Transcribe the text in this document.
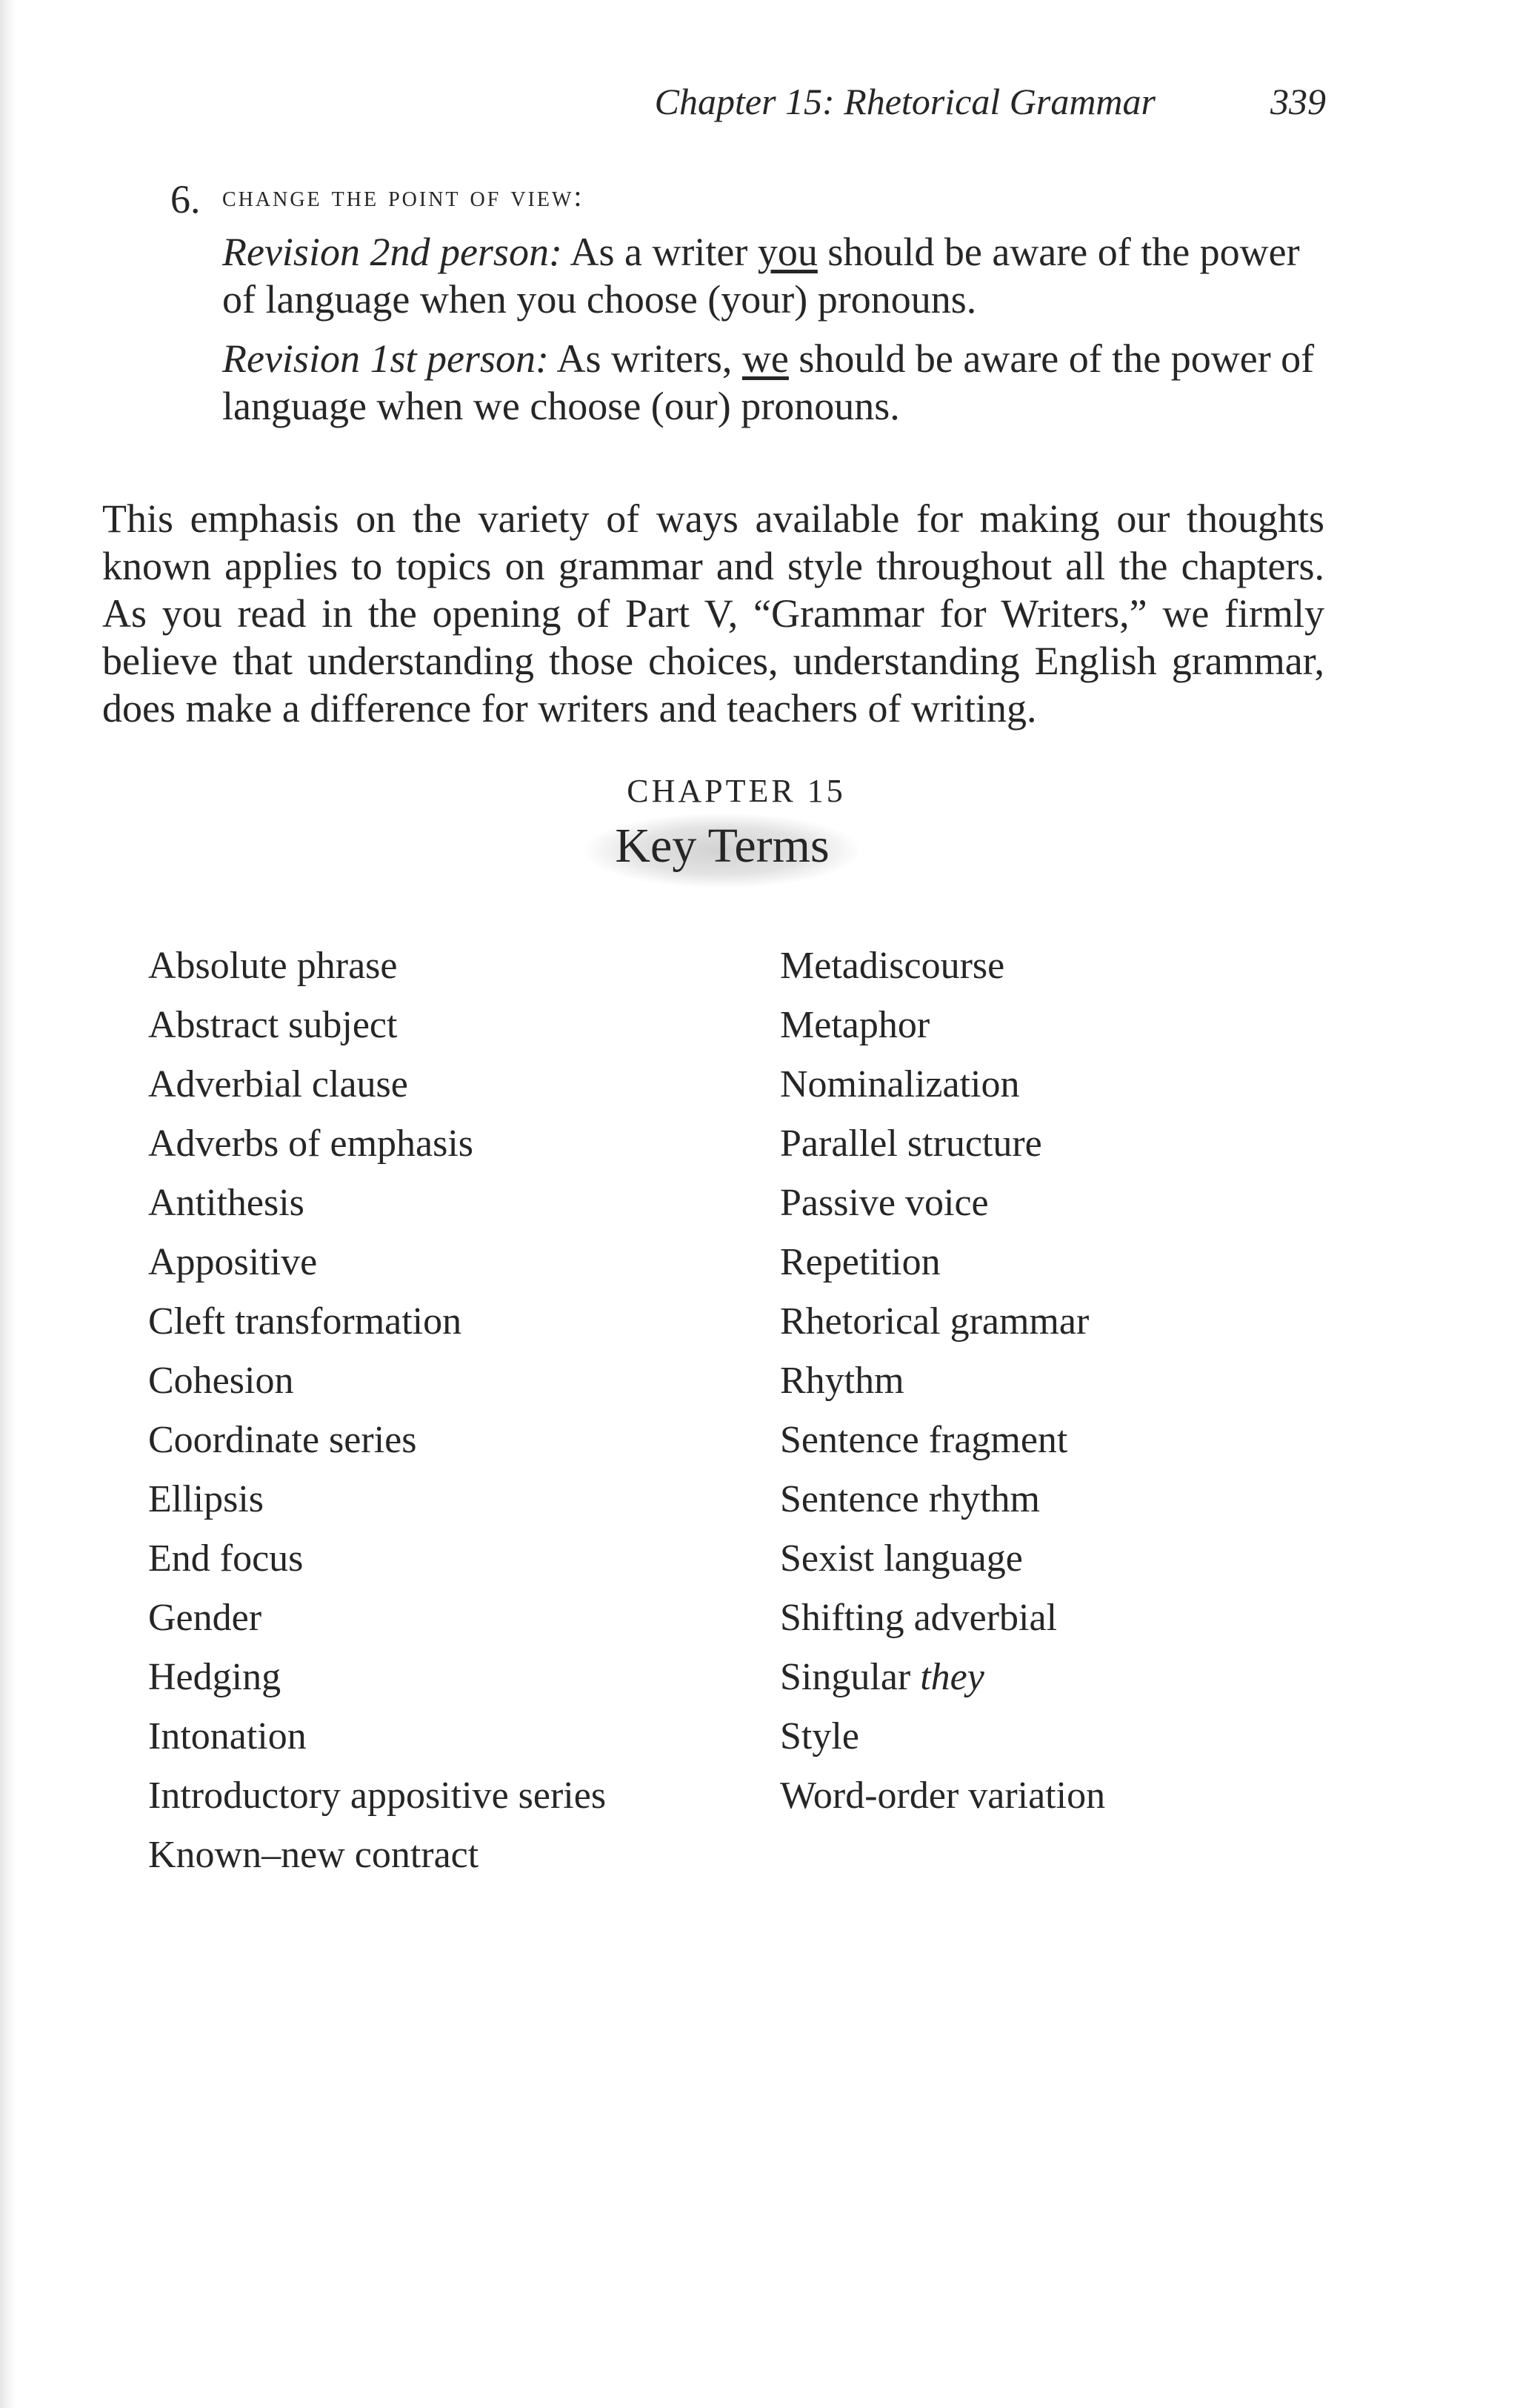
Chapter 15: Rhetorical Grammar	339
6. change the point of view:
Revision 2nd person: As a writer you should be aware of the power of language when you choose (your) pronouns.
Revision 1st person: As writers, we should be aware of the power of language when we choose (our) pronouns.

This emphasis on the variety of ways available for making our thoughts known applies to topics on grammar and style throughout all the chapters. As you read in the opening of Part V, “Grammar for Writers,” we firmly believe that understanding those choices, understanding English grammar, does make a difference for writers and teachers of writing.

CHAPTER 15
Key Terms
Absolute phrase
Abstract subject
Adverbial clause
Adverbs of emphasis
Antithesis
Appositive
Cleft transformation
Cohesion
Coordinate series
Ellipsis
End focus
Gender
Hedging
Intonation
Introductory appositive series
Known–new contract
Metadiscourse
Metaphor
Nominalization
Parallel structure
Passive voice
Repetition
Rhetorical grammar
Rhythm
Sentence fragment
Sentence rhythm
Sexist language
Shifting adverbial
Singular they
Style
Word-order variation
